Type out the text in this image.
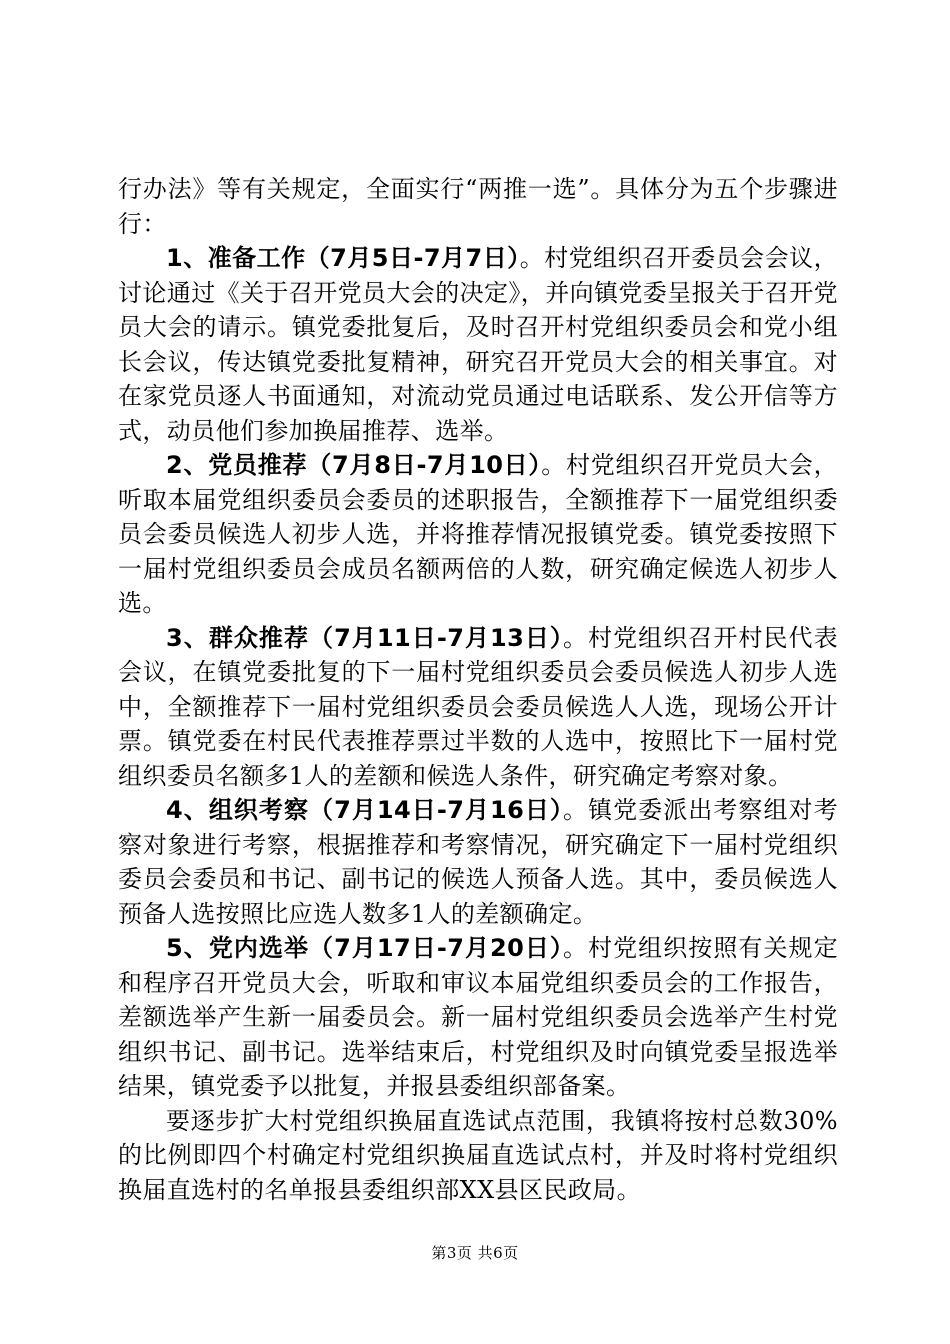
行办法》等有关规定，全面实行“两推一选”。具体分为五个步骤进行：

1、准备工作（7月5日-7月7日）。村党组织召开委员会会议，讨论通过《关于召开党员大会的决定》，并向镇党委呈报关于召开党员大会的请示。镇党委批复后，及时召开村党组织委员会和党小组长会议，传达镇党委批复精神，研究召开党员大会的相关事宜。对在家党员逐人书面通知，对流动党员通过电话联系、发公开信等方式，动员他们参加换届推荐、选举。

2、党员推荐（7月8日-7月10日）。村党组织召开党员大会，听取本届党组织委员会委员的述职报告，全额推荐下一届党组织委员会委员候选人初步人选，并将推荐情况报镇党委。镇党委按照下一届村党组织委员会成员名额两倍的人数，研究确定候选人初步人选。

3、群众推荐（7月11日-7月13日）。村党组织召开村民代表会议，在镇党委批复的下一届村党组织委员会委员候选人初步人选中，全额推荐下一届村党组织委员会委员候选人人选，现场公开计票。镇党委在村民代表推荐票过半数的人选中，按照比下一届村党组织委员名额多1人的差额和候选人条件，研究确定考察对象。

4、组织考察（7月14日-7月16日）。镇党委派出考察组对考察对象进行考察，根据推荐和考察情况，研究确定下一届村党组织委员会委员和书记、副书记的候选人预备人选。其中，委员候选人预备人选按照比应选人数多1人的差额确定。

5、党内选举（7月17日-7月20日）。村党组织按照有关规定和程序召开党员大会，听取和审议本届党组织委员会的工作报告，差额选举产生新一届委员会。新一届村党组织委员会选举产生村党组织书记、副书记。选举结束后，村党组织及时向镇党委呈报选举结果，镇党委予以批复，并报县委组织部备案。

要逐步扩大村党组织换届直选试点范围，我镇将按村总数30%的比例即四个村确定村党组织换届直选试点村，并及时将村党组织换届直选村的名单报县委组织部XX县区民政局。

第3页 共6页
